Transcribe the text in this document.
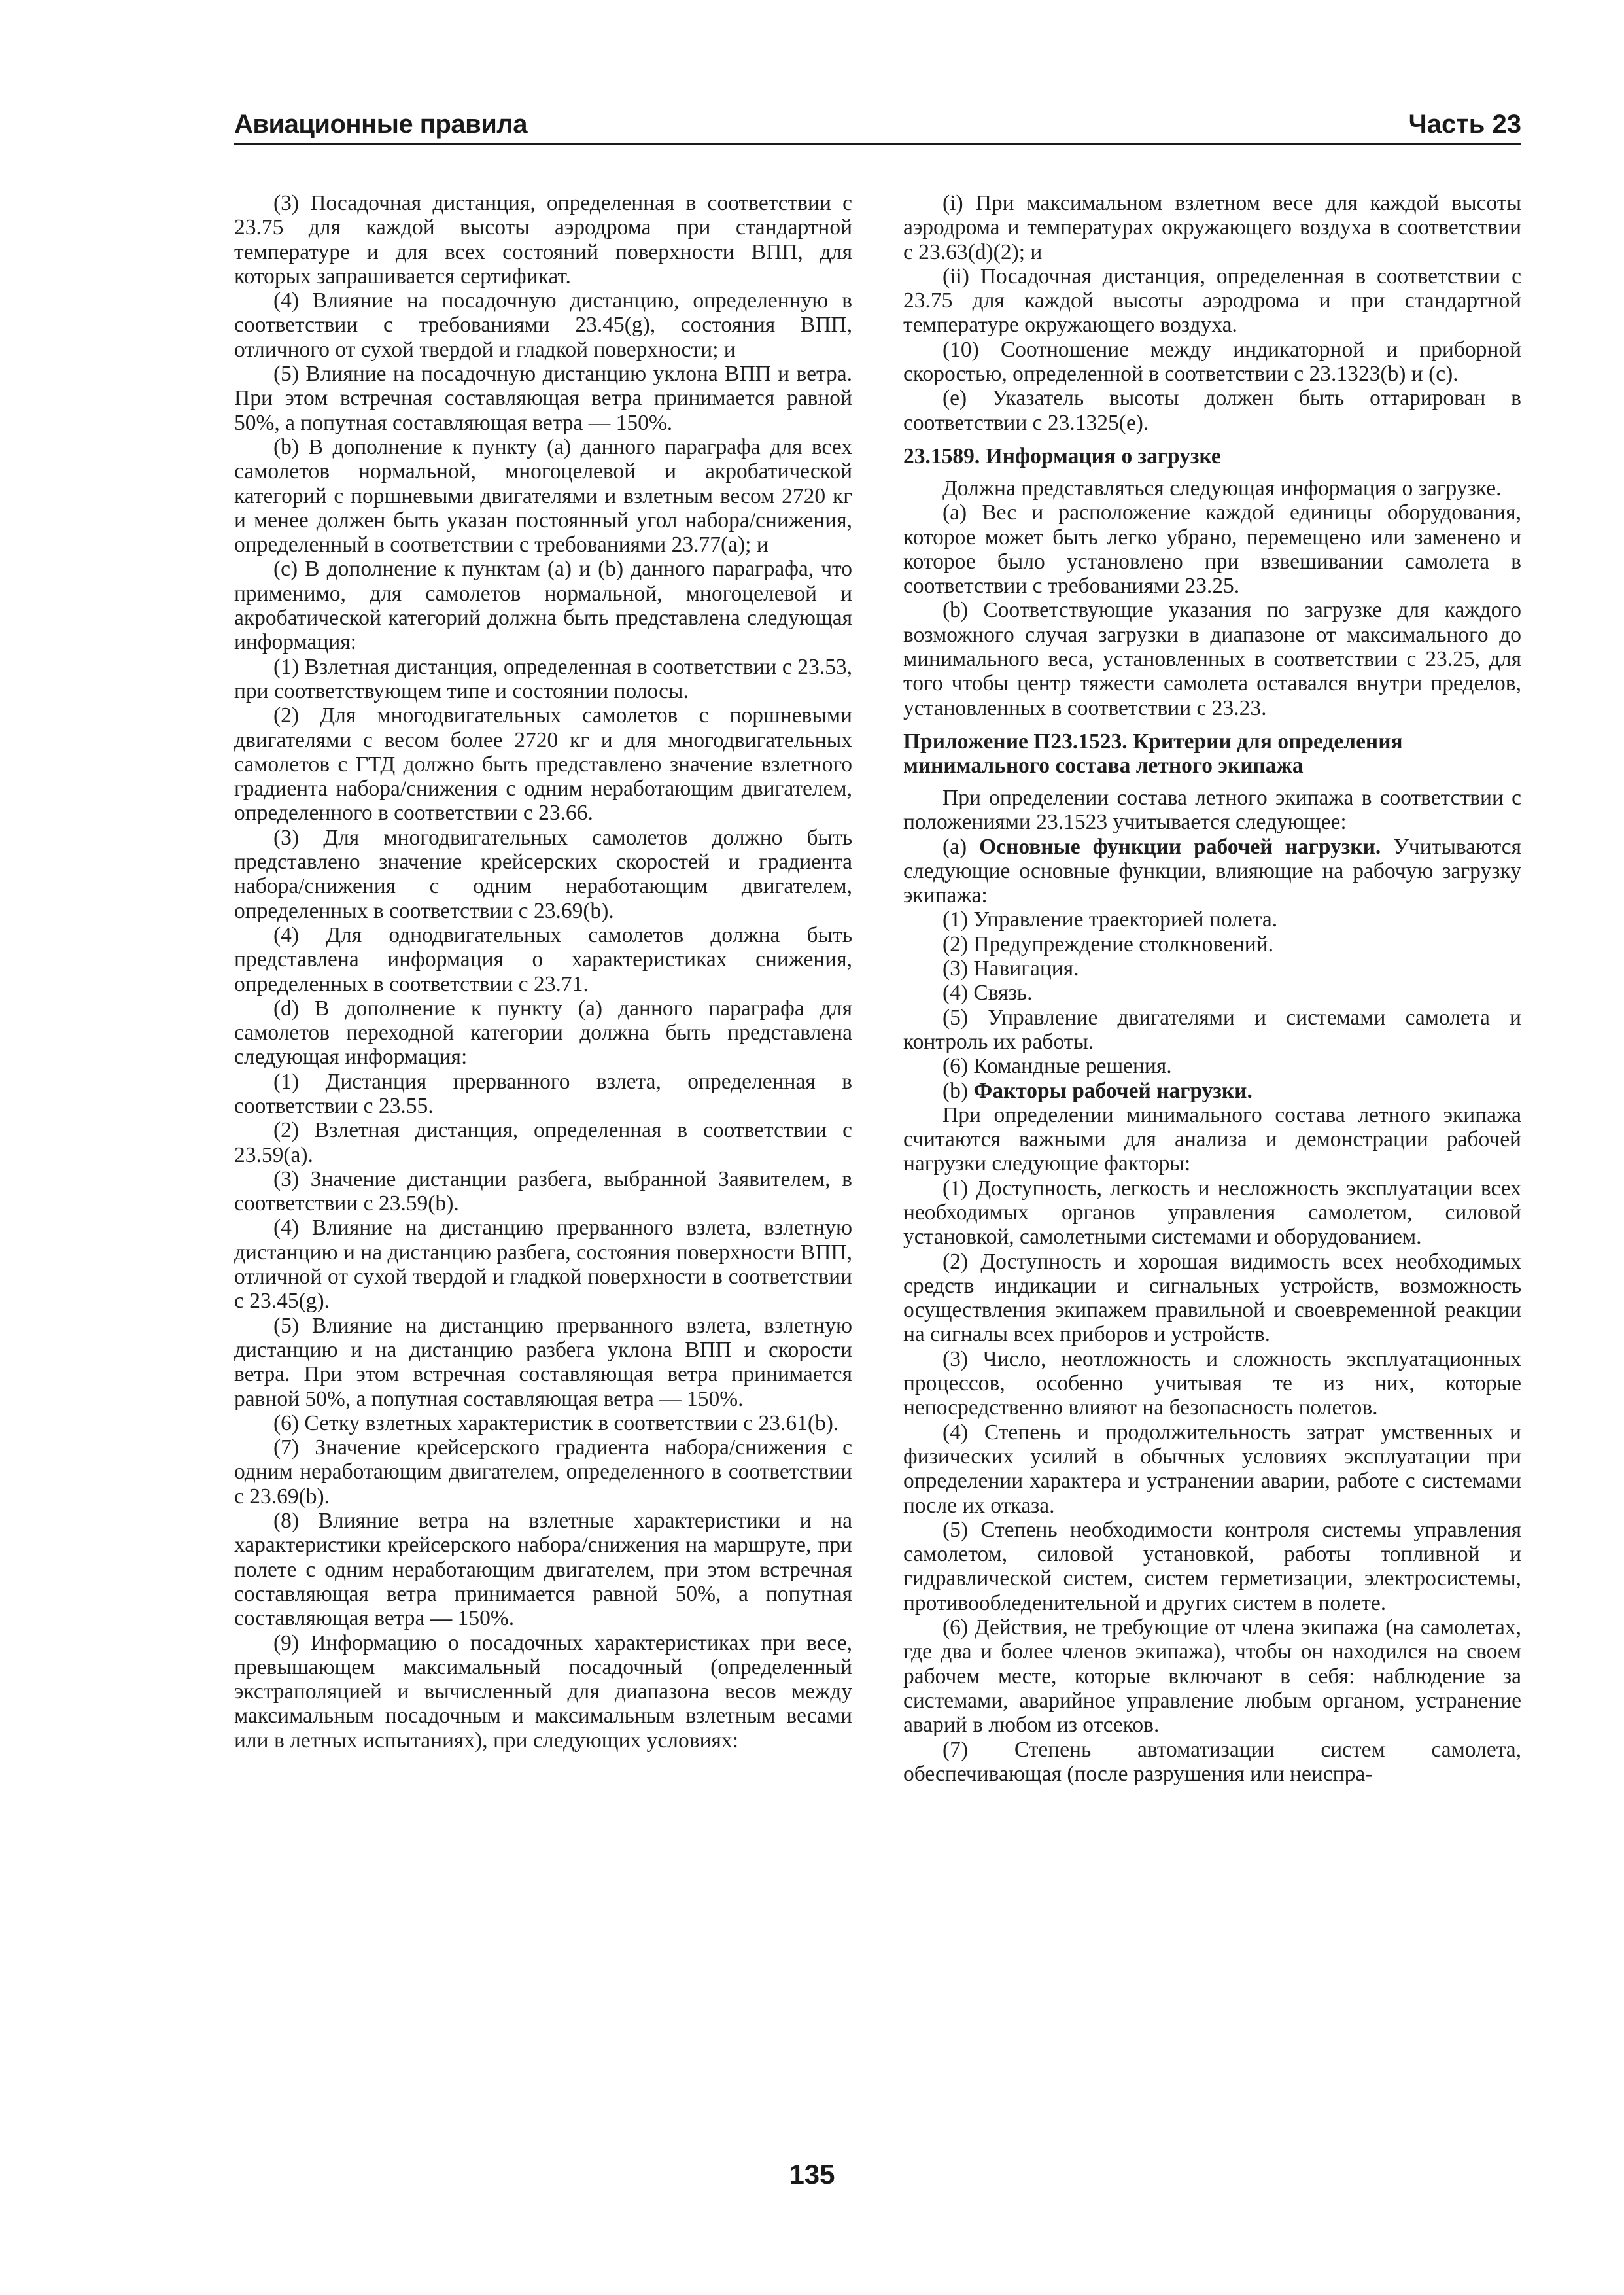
Авиационные правила	Часть 23

(3) Посадочная дистанция, определенная в соответствии с 23.75 для каждой высоты аэродрома при стандартной температуре и для всех состояний поверхности ВПП, для которых запрашивается сертификат.

(4) Влияние на посадочную дистанцию, определенную в соответствии с требованиями 23.45(g), состояния ВПП, отличного от сухой твердой и гладкой поверхности; и

(5) Влияние на посадочную дистанцию уклона ВПП и ветра. При этом встречная составляющая ветра принимается равной 50%, а попутная составляющая ветра — 150%.

(b) В дополнение к пункту (а) данного параграфа для всех самолетов нормальной, многоцелевой и акробатической категорий с поршневыми двигателями и взлетным весом 2720 кг и менее должен быть указан постоянный угол набора/снижения, определенный в соответствии с требованиями 23.77(а); и

(c) В дополнение к пунктам (а) и (b) данного параграфа, что применимо, для самолетов нормальной, многоцелевой и акробатической категорий должна быть представлена следующая информация:

(1) Взлетная дистанция, определенная в соответствии с 23.53, при соответствующем типе и состоянии полосы.

(2) Для многодвигательных самолетов с поршневыми двигателями с весом более 2720 кг и для многодвигательных самолетов с ГТД должно быть представлено значение взлетного градиента набора/снижения с одним неработающим двигателем, определенного в соответствии с 23.66.

(3) Для многодвигательных самолетов должно быть представлено значение крейсерских скоростей и градиента набора/снижения с одним неработающим двигателем, определенных в соответствии с 23.69(b).

(4) Для однодвигательных самолетов должна быть представлена информация о характеристиках снижения, определенных в соответствии с 23.71.

(d) В дополнение к пункту (а) данного параграфа для самолетов переходной категории должна быть представлена следующая информация:

(1) Дистанция прерванного взлета, определенная в соответствии с 23.55.

(2) Взлетная дистанция, определенная в соответствии с 23.59(а).

(3) Значение дистанции разбега, выбранной Заявителем, в соответствии с 23.59(b).

(4) Влияние на дистанцию прерванного взлета, взлетную дистанцию и на дистанцию разбега, состояния поверхности ВПП, отличной от сухой твердой и гладкой поверхности в соответствии с 23.45(g).

(5) Влияние на дистанцию прерванного взлета, взлетную дистанцию и на дистанцию разбега уклона ВПП и скорости ветра. При этом встречная составляющая ветра принимается равной 50%, а попутная составляющая ветра — 150%.

(6) Сетку взлетных характеристик в соответствии с 23.61(b).

(7) Значение крейсерского градиента набора/снижения с одним неработающим двигателем, определенного в соответствии с 23.69(b).

(8) Влияние ветра на взлетные характеристики и на характеристики крейсерского набора/снижения на маршруте, при полете с одним неработающим двигателем, при этом встречная составляющая ветра принимается равной 50%, а попутная составляющая ветра — 150%.

(9) Информацию о посадочных характеристиках при весе, превышающем максимальный посадочный (определенный экстраполяцией и вычисленный для диапазона весов между максимальным посадочным и максимальным взлетным весами или в летных испытаниях), при следующих условиях:

(i) При максимальном взлетном весе для каждой высоты аэродрома и температурах окружающего воздуха в соответствии с 23.63(d)(2); и

(ii) Посадочная дистанция, определенная в соответствии с 23.75 для каждой высоты аэродрома и при стандартной температуре окружающего воздуха.

(10) Соотношение между индикаторной и приборной скоростью, определенной в соответствии с 23.1323(b) и (с).

(е) Указатель высоты должен быть оттарирован в соответствии с 23.1325(е).

23.1589. Информация о загрузке

Должна представляться следующая информация о загрузке.

(а) Вес и расположение каждой единицы оборудования, которое может быть легко убрано, перемещено или заменено и которое было установлено при взвешивании самолета в соответствии с требованиями 23.25.

(b) Соответствующие указания по загрузке для каждого возможного случая загрузки в диапазоне от максимального до минимального веса, установленных в соответствии с 23.25, для того чтобы центр тяжести самолета оставался внутри пределов, установленных в соответствии с 23.23.

Приложение П23.1523. Критерии для определения минимального состава летного экипажа

При определении состава летного экипажа в соответствии с положениями 23.1523 учитывается следующее:

(а) Основные функции рабочей нагрузки. Учитываются следующие основные функции, влияющие на рабочую загрузку экипажа:

(1) Управление траекторией полета.

(2) Предупреждение столкновений.

(3) Навигация.

(4) Связь.

(5) Управление двигателями и системами самолета и контроль их работы.

(6) Командные решения.

(b) Факторы рабочей нагрузки.

При определении минимального состава летного экипажа считаются важными для анализа и демонстрации рабочей нагрузки следующие факторы:

(1) Доступность, легкость и несложность эксплуатации всех необходимых органов управления самолетом, силовой установкой, самолетными системами и оборудованием.

(2) Доступность и хорошая видимость всех необходимых средств индикации и сигнальных устройств, возможность осуществления экипажем правильной и своевременной реакции на сигналы всех приборов и устройств.

(3) Число, неотложность и сложность эксплуатационных процессов, особенно учитывая те из них, которые непосредственно влияют на безопасность полетов.

(4) Степень и продолжительность затрат умственных и физических усилий в обычных условиях эксплуатации при определении характера и устранении аварии, работе с системами после их отказа.

(5) Степень необходимости контроля системы управления самолетом, силовой установкой, работы топливной и гидравлической систем, систем герметизации, электросистемы, противообледенительной и других систем в полете.

(6) Действия, не требующие от члена экипажа (на самолетах, где два и более членов экипажа), чтобы он находился на своем рабочем месте, которые включают в себя: наблюдение за системами, аварийное управление любым органом, устранение аварий в любом из отсеков.

(7) Степень автоматизации систем самолета, обеспечивающая (после разрушения или неиспра-

135
